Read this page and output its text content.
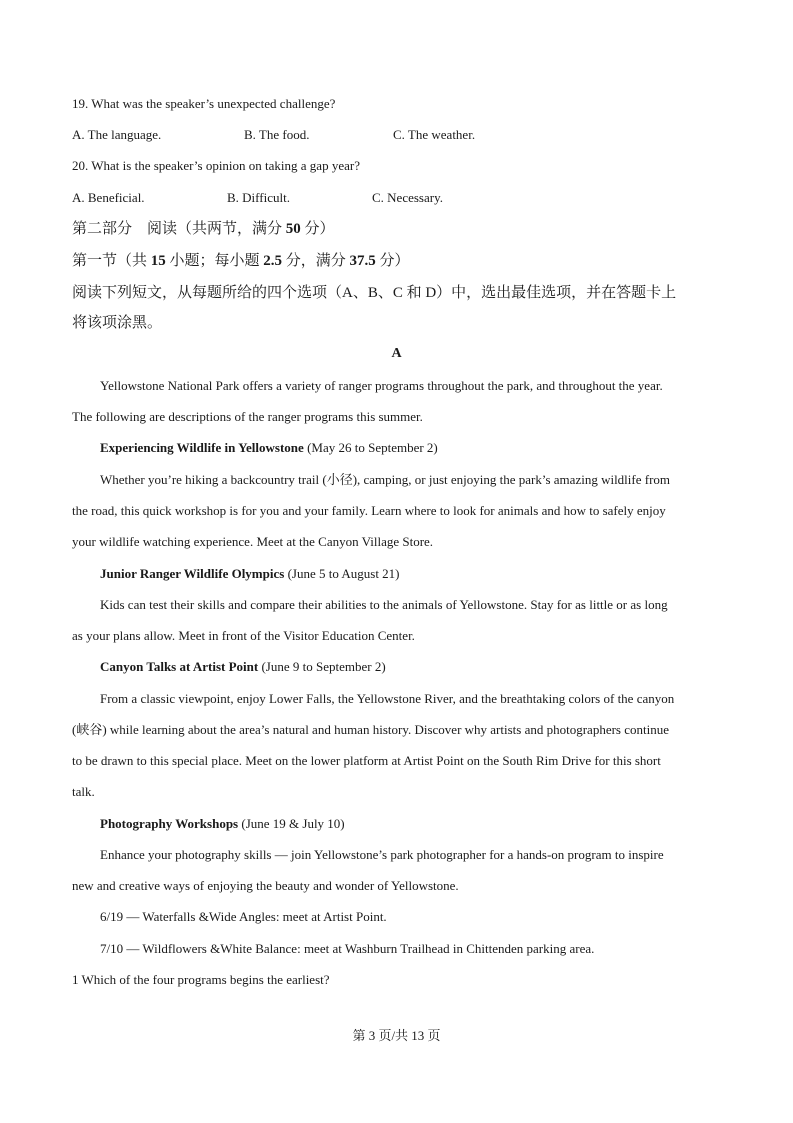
19. What was the speaker’s unexpected challenge?
A. The language.	B. The food.	C. The weather.
20. What is the speaker’s opinion on taking a gap year?
A. Beneficial.	B. Difficult.	C. Necessary.
第二部分　阅读（共两节，满分 50 分）
第一节（共 15 小题；每小题 2.5 分，满分 37.5 分）
阅读下列短文，从每题所给的四个选项（A、B、C 和 D）中，选出最佳选项，并在答题卡上
将该项涂黑。
A
Yellowstone National Park offers a variety of ranger programs throughout the park, and throughout the year.
The following are descriptions of the ranger programs this summer.
Experiencing Wildlife in Yellowstone (May 26 to September 2)
Whether you’re hiking a backcountry trail (小径), camping, or just enjoying the park’s amazing wildlife from
the road, this quick workshop is for you and your family. Learn where to look for animals and how to safely enjoy
your wildlife watching experience. Meet at the Canyon Village Store.
Junior Ranger Wildlife Olympics (June 5 to August 21)
Kids can test their skills and compare their abilities to the animals of Yellowstone. Stay for as little or as long
as your plans allow. Meet in front of the Visitor Education Center.
Canyon Talks at Artist Point (June 9 to September 2)
From a classic viewpoint, enjoy Lower Falls, the Yellowstone River, and the breathtaking colors of the canyon
(峡谷) while learning about the area’s natural and human history. Discover why artists and photographers continue
to be drawn to this special place. Meet on the lower platform at Artist Point on the South Rim Drive for this short
talk.
Photography Workshops (June 19 & July 10)
Enhance your photography skills — join Yellowstone’s park photographer for a hands-on program to inspire
new and creative ways of enjoying the beauty and wonder of Yellowstone.
6/19 — Waterfalls &Wide Angles: meet at Artist Point.
7/10 — Wildflowers &White Balance: meet at Washburn Trailhead in Chittenden parking area.
1 Which of the four programs begins the earliest?
第 3 页/共 13 页
